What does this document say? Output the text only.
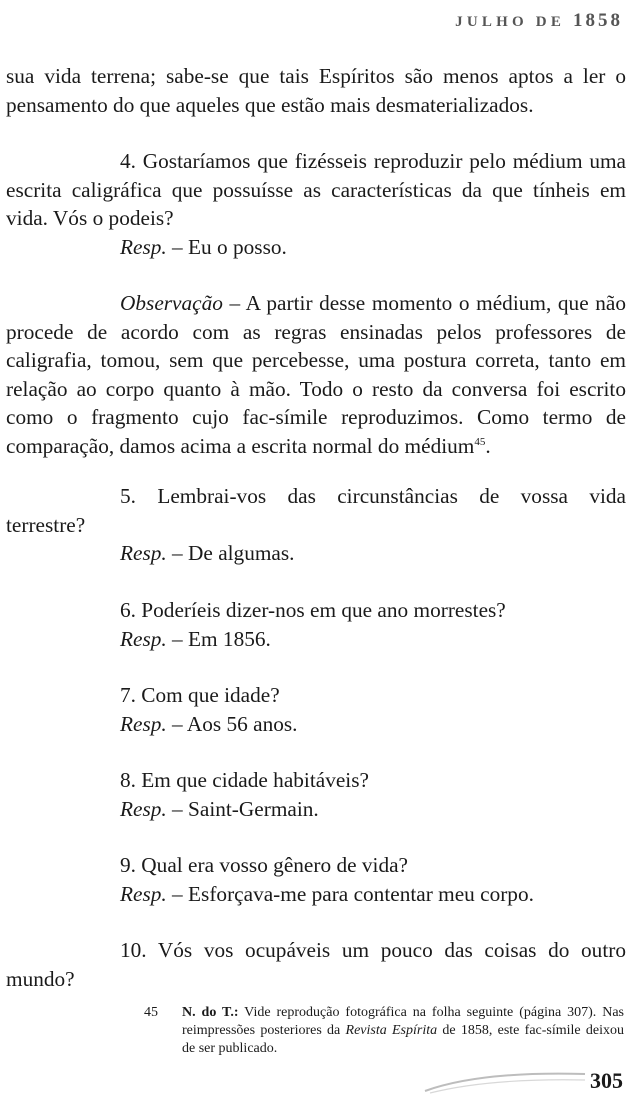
JULHO DE 1858

sua vida terrena; sabe-se que tais Espíritos são menos aptos a ler o pensamento do que aqueles que estão mais desmaterializados.

4. Gostaríamos que fizésseis reproduzir pelo médium uma escrita caligráfica que possuísse as características da que tínheis em vida. Vós o podeis?

Resp. – Eu o posso.

Observação – A partir desse momento o médium, que não procede de acordo com as regras ensinadas pelos professores de caligrafia, tomou, sem que percebesse, uma postura correta, tanto em relação ao corpo quanto à mão. Todo o resto da conversa foi escrito como o fragmento cujo fac-símile reproduzimos. Como termo de comparação, damos acima a escrita normal do médium$^{45}$.

5. Lembrai-vos das circunstâncias de vossa vida terrestre?

Resp. – De algumas.

6. Poderíeis dizer-nos em que ano morrestes?

Resp. – Em 1856.

7. Com que idade?

Resp. – Aos 56 anos.

8. Em que cidade habitáveis?

Resp. – Saint-Germain.

9. Qual era vosso gênero de vida?

Resp. – Esforçava-me para contentar meu corpo.

10. Vós vos ocupáveis um pouco das coisas do outro mundo?

45 N. do T.: Vide reprodução fotográfica na folha seguinte (página 307). Nas reimpressões posteriores da Revista Espírita de 1858, este fac-símile deixou de ser publicado.
305
